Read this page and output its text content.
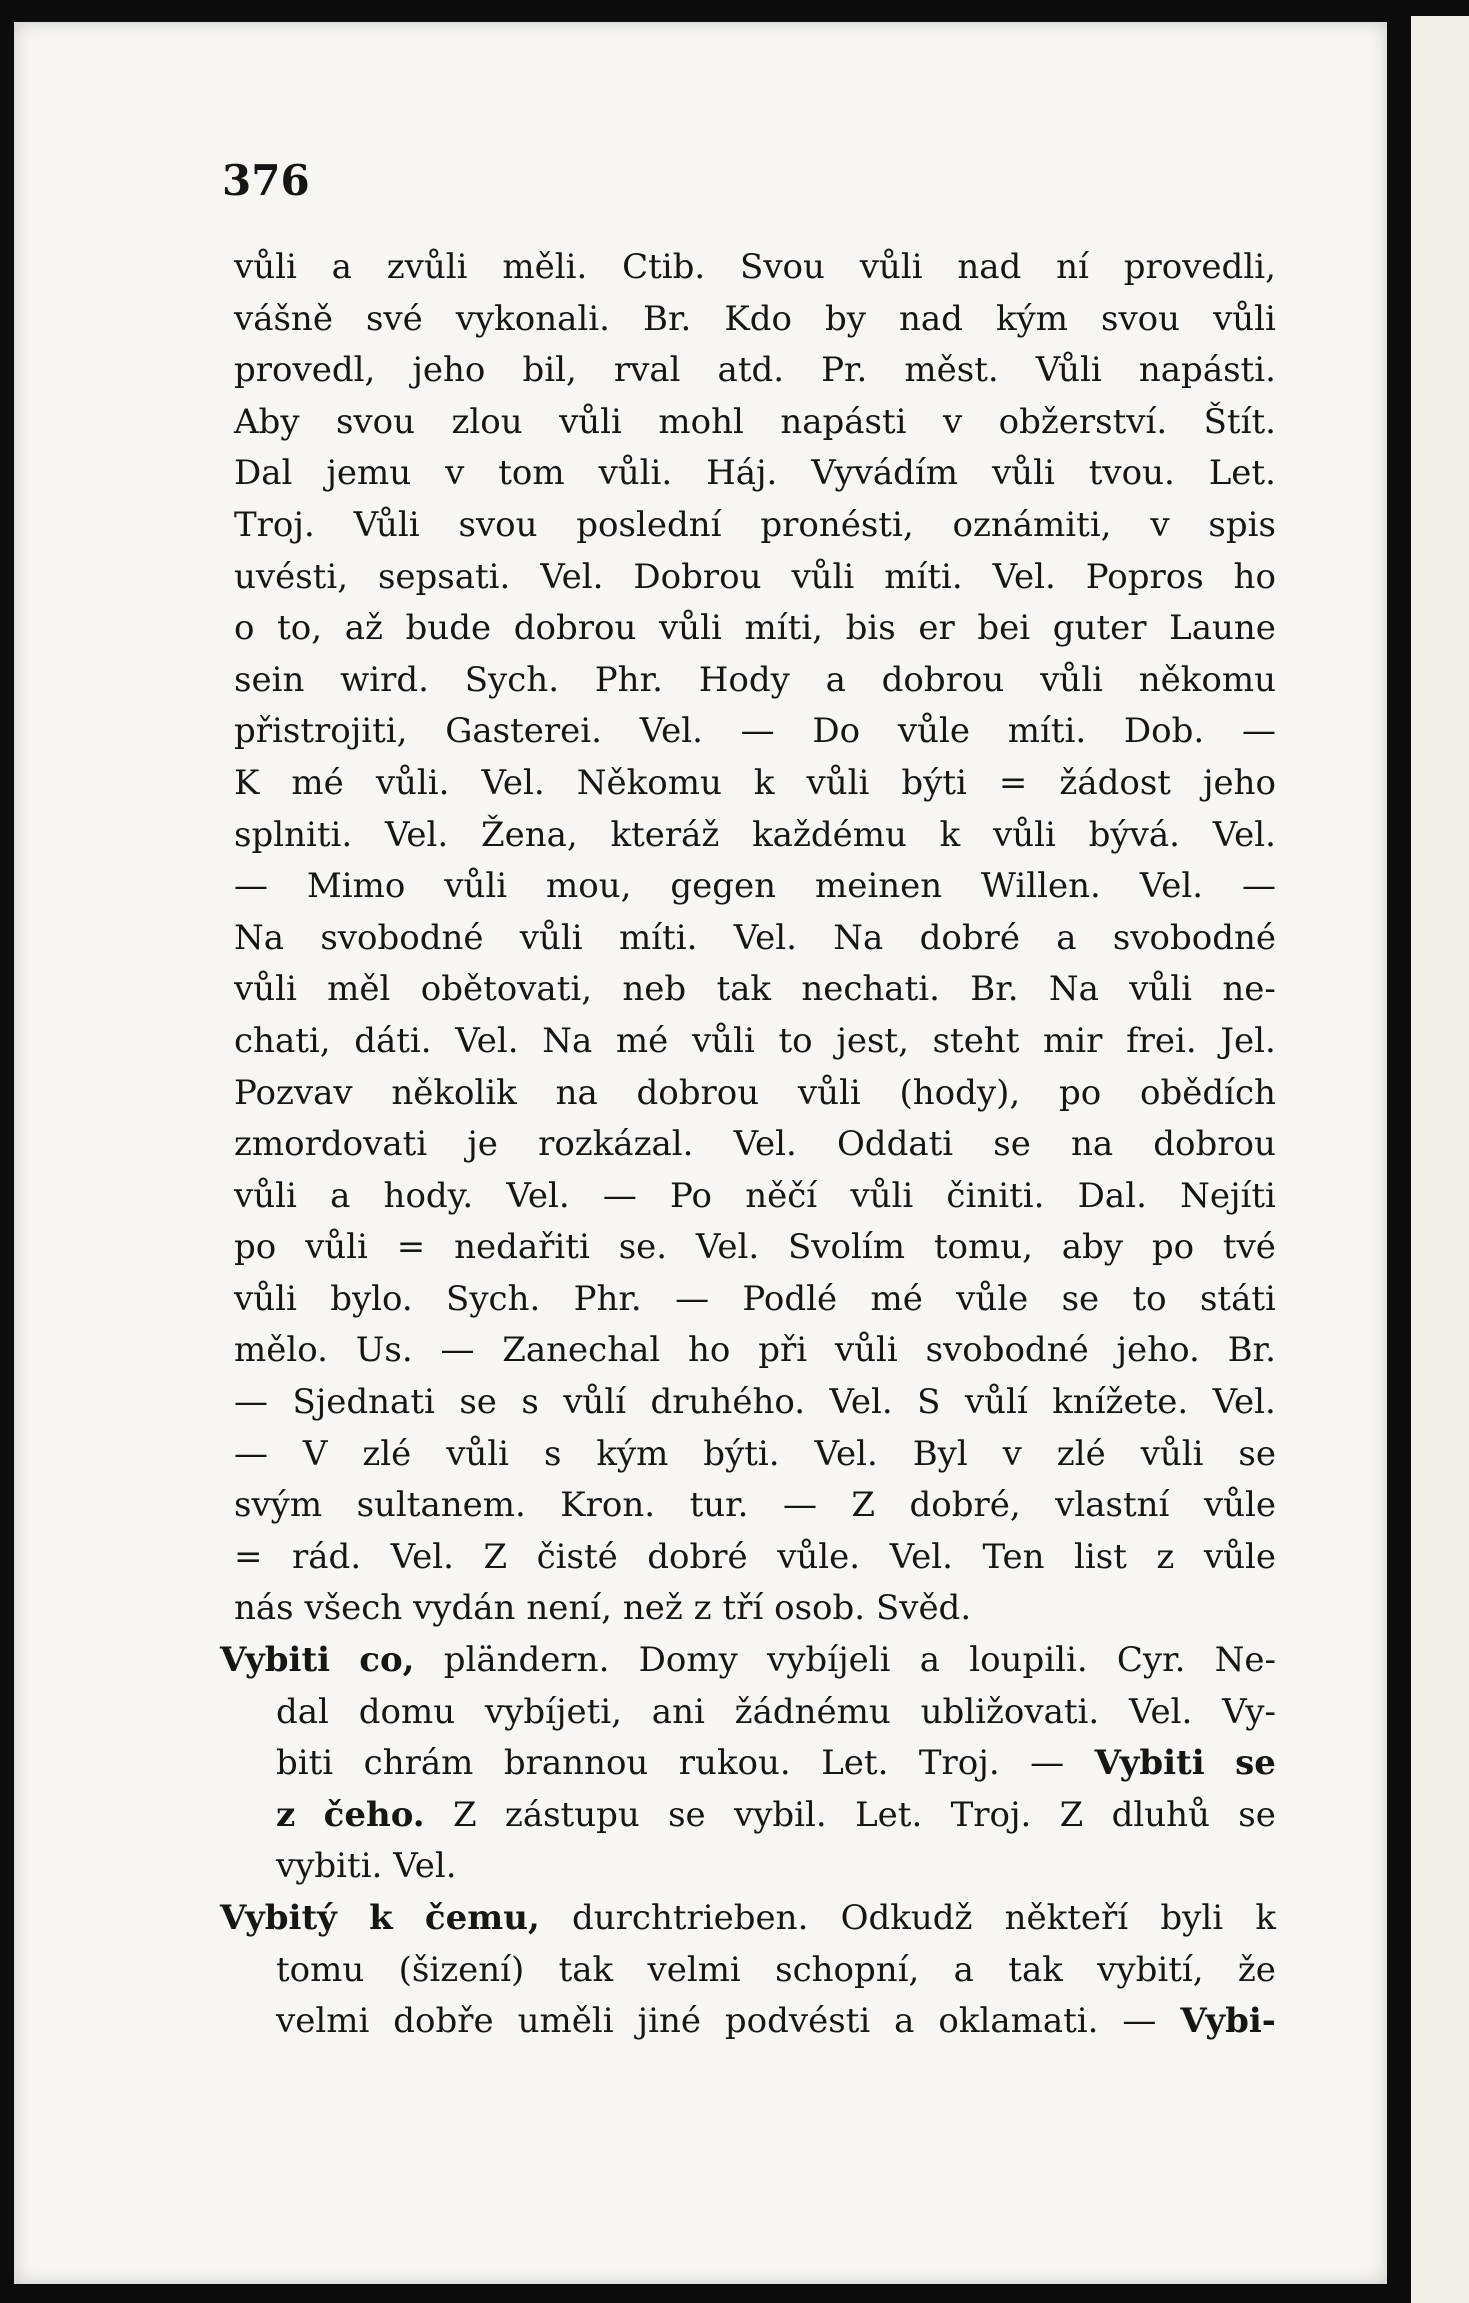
376
vůli a zvůli měli. Ctib. Svou vůli nad ní provedli,
vášně své vykonali. Br. Kdo by nad kým svou vůli
provedl, jeho bil, rval atd. Pr. měst. Vůli napásti.
Aby svou zlou vůli mohl napásti v obžerství. Štít.
Dal jemu v tom vůli. Háj. Vyvádím vůli tvou. Let.
Troj. Vůli svou poslední pronésti, oznámiti, v spis
uvésti, sepsati. Vel. Dobrou vůli míti. Vel. Popros ho
o to, až bude dobrou vůli míti, bis er bei guter Laune
sein wird. Sych. Phr. Hody a dobrou vůli někomu
přistrojiti, Gasterei. Vel. — Do vůle míti. Dob. —
K mé vůli. Vel. Někomu k vůli býti = žádost jeho
splniti. Vel. Žena, kteráž každému k vůli bývá. Vel.
— Mimo vůli mou, gegen meinen Willen. Vel. —
Na svobodné vůli míti. Vel. Na dobré a svobodné
vůli měl obětovati, neb tak nechati. Br. Na vůli ne-
chati, dáti. Vel. Na mé vůli to jest, steht mir frei. Jel.
Pozvav několik na dobrou vůli (hody), po obědích
zmordovati je rozkázal. Vel. Oddati se na dobrou
vůli a hody. Vel. — Po něčí vůli činiti. Dal. Nejíti
po vůli = nedařiti se. Vel. Svolím tomu, aby po tvé
vůli bylo. Sych. Phr. — Podlé mé vůle se to státi
mělo. Us. — Zanechal ho při vůli svobodné jeho. Br.
— Sjednati se s vůlí druhého. Vel. S vůlí knížete. Vel.
— V zlé vůli s kým býti. Vel. Byl v zlé vůli se
svým sultanem. Kron. tur. — Z dobré, vlastní vůle
= rád. Vel. Z čisté dobré vůle. Vel. Ten list z vůle
nás všech vydán není, než z tří osob. Svěd.
Vybiti co, pländern. Domy vybíjeli a loupili. Cyr. Ne-
dal domu vybíjeti, ani žádnému ubližovati. Vel. Vy-
biti chrám brannou rukou. Let. Troj. — Vybiti se
z čeho. Z zástupu se vybil. Let. Troj. Z dluhů se
vybiti. Vel.
Vybitý k čemu, durchtrieben. Odkudž někteří byli k
tomu (šizení) tak velmi schopní, a tak vybití, že
velmi dobře uměli jiné podvésti a oklamati. — Vybi-
